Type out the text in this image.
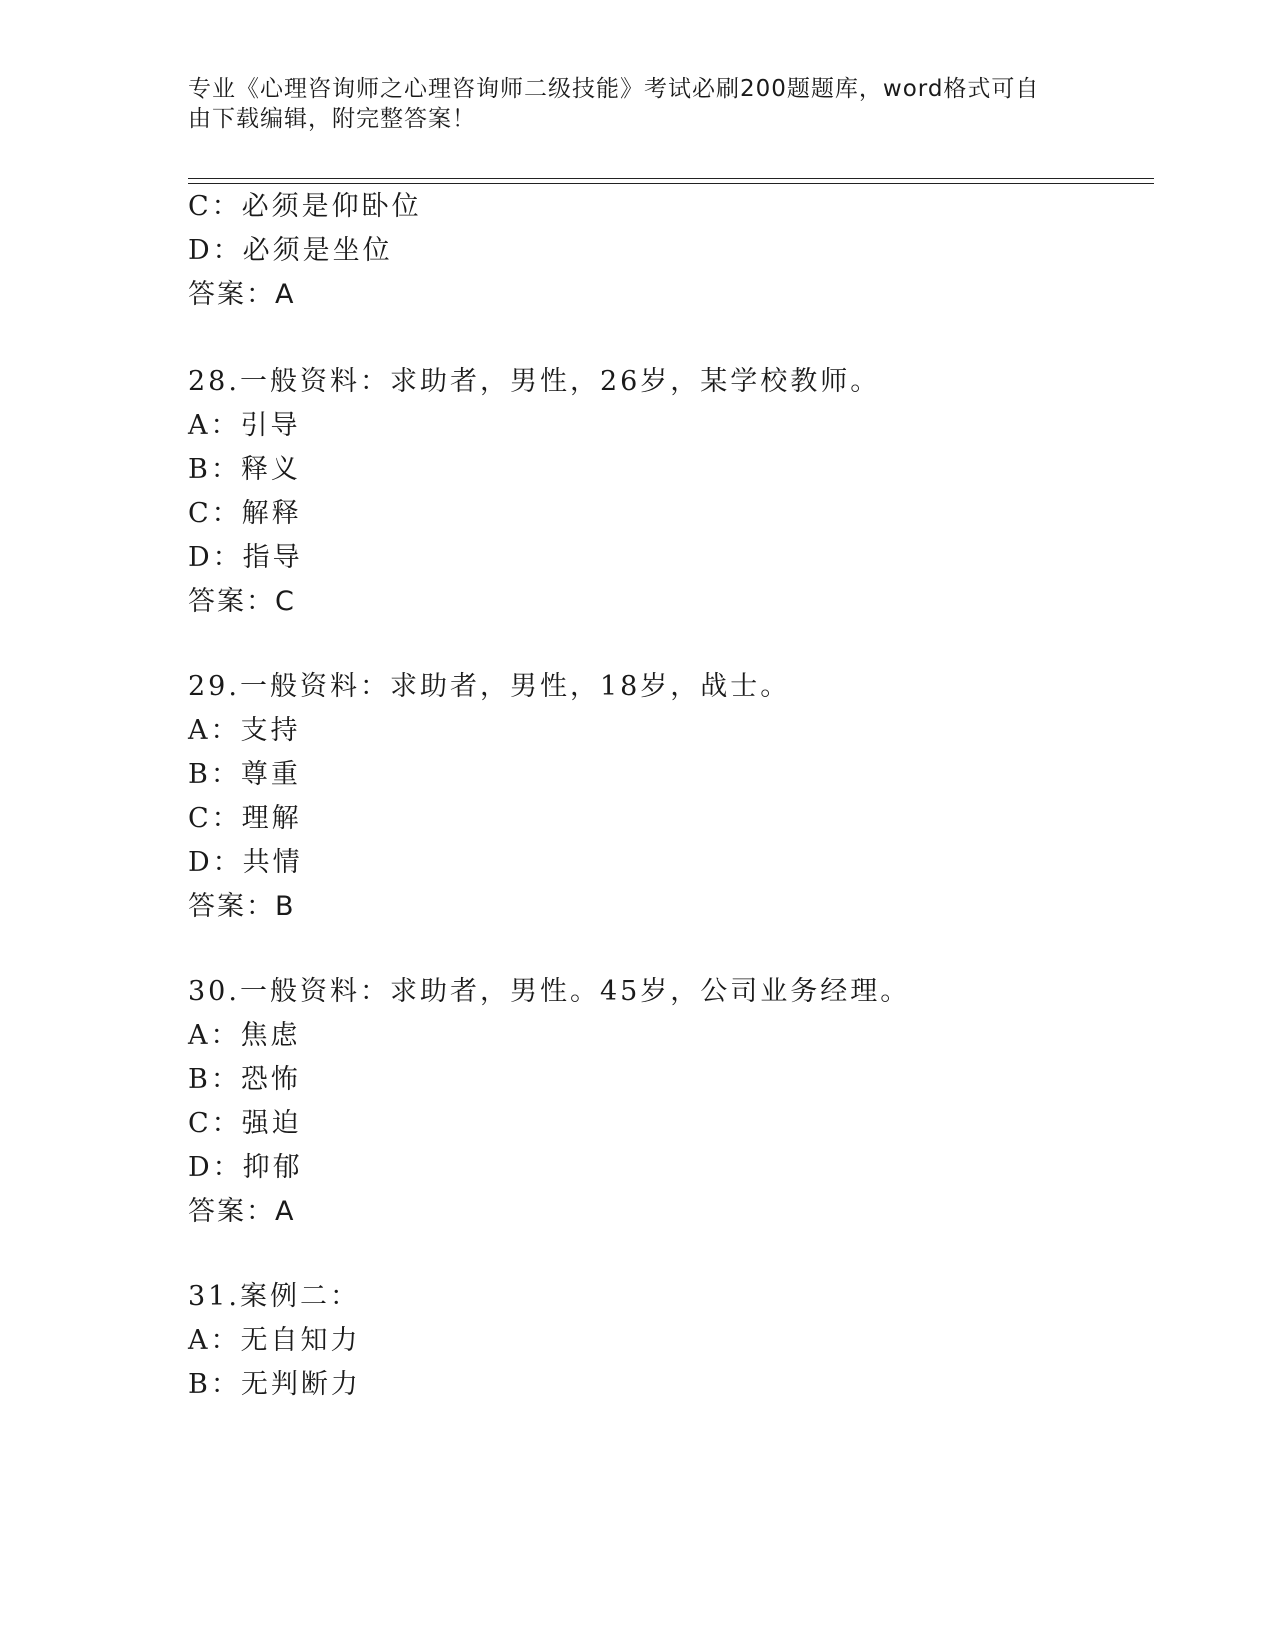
专业《心理咨询师之心理咨询师二级技能》考试必刷200题题库，word格式可自
由下载编辑，附完整答案！
C：必须是仰卧位
D：必须是坐位
答案：A
28.一般资料：求助者，男性，26岁，某学校教师。
A：引导
B：释义
C：解释
D：指导
答案：C
29.一般资料：求助者，男性，18岁，战士。
A：支持
B：尊重
C：理解
D：共情
答案：B
30.一般资料：求助者，男性。45岁，公司业务经理。
A：焦虑
B：恐怖
C：强迫
D：抑郁
答案：A
31.案例二：
A：无自知力
B：无判断力
